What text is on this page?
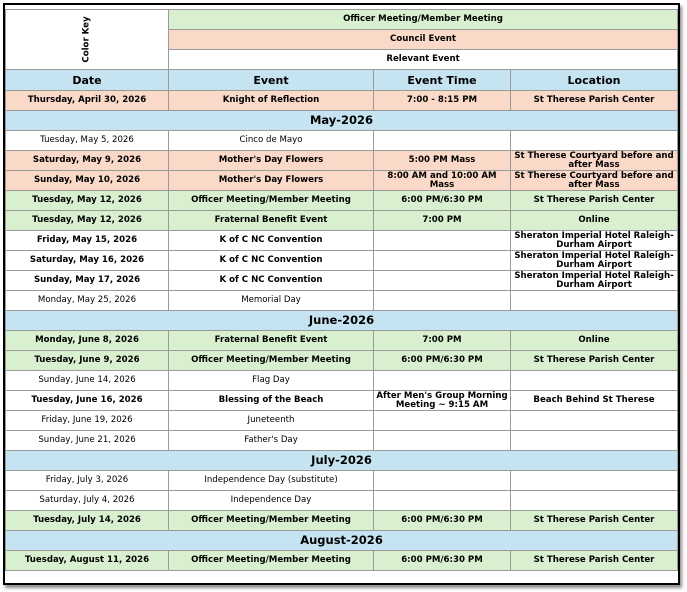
Color Key	Officer Meeting/Member Meeting		
	Council Event		
	Relevant Event		
Date	Event	Event Time	Location
Thursday, April 30, 2026	Knight of Reflection	7:00 - 8:15 PM	St Therese Parish Center
May-2026			
Tuesday, May 5, 2026	Cinco de Mayo		
Saturday, May 9, 2026	Mother's Day Flowers	5:00 PM Mass	St Therese Courtyard before and after Mass
Sunday, May 10, 2026	Mother's Day Flowers	8:00 AM and 10:00 AM Mass	St Therese Courtyard before and after Mass
Tuesday, May 12, 2026	Officer Meeting/Member Meeting	6:00 PM/6:30 PM	St Therese Parish Center
Tuesday, May 12, 2026	Fraternal Benefit Event	7:00 PM	Online
Friday, May 15, 2026	K of C NC Convention		Sheraton Imperial Hotel Raleigh-Durham Airport
Saturday, May 16, 2026	K of C NC Convention		Sheraton Imperial Hotel Raleigh-Durham Airport
Sunday, May 17, 2026	K of C NC Convention		Sheraton Imperial Hotel Raleigh-Durham Airport
Monday, May 25, 2026	Memorial Day		
June-2026			
Monday, June 8, 2026	Fraternal Benefit Event	7:00 PM	Online
Tuesday, June 9, 2026	Officer Meeting/Member Meeting	6:00 PM/6:30 PM	St Therese Parish Center
Sunday, June 14, 2026	Flag Day		
Tuesday, June 16, 2026	Blessing of the Beach	After Men's Group Morning Meeting ~ 9:15 AM	Beach Behind St Therese
Friday, June 19, 2026	Juneteenth		
Sunday, June 21, 2026	Father's Day		
July-2026			
Friday, July 3, 2026	Independence Day (substitute)		
Saturday, July 4, 2026	Independence Day		
Tuesday, July 14, 2026	Officer Meeting/Member Meeting	6:00 PM/6:30 PM	St Therese Parish Center
August-2026			
Tuesday, August 11, 2026	Officer Meeting/Member Meeting	6:00 PM/6:30 PM	St Therese Parish Center
